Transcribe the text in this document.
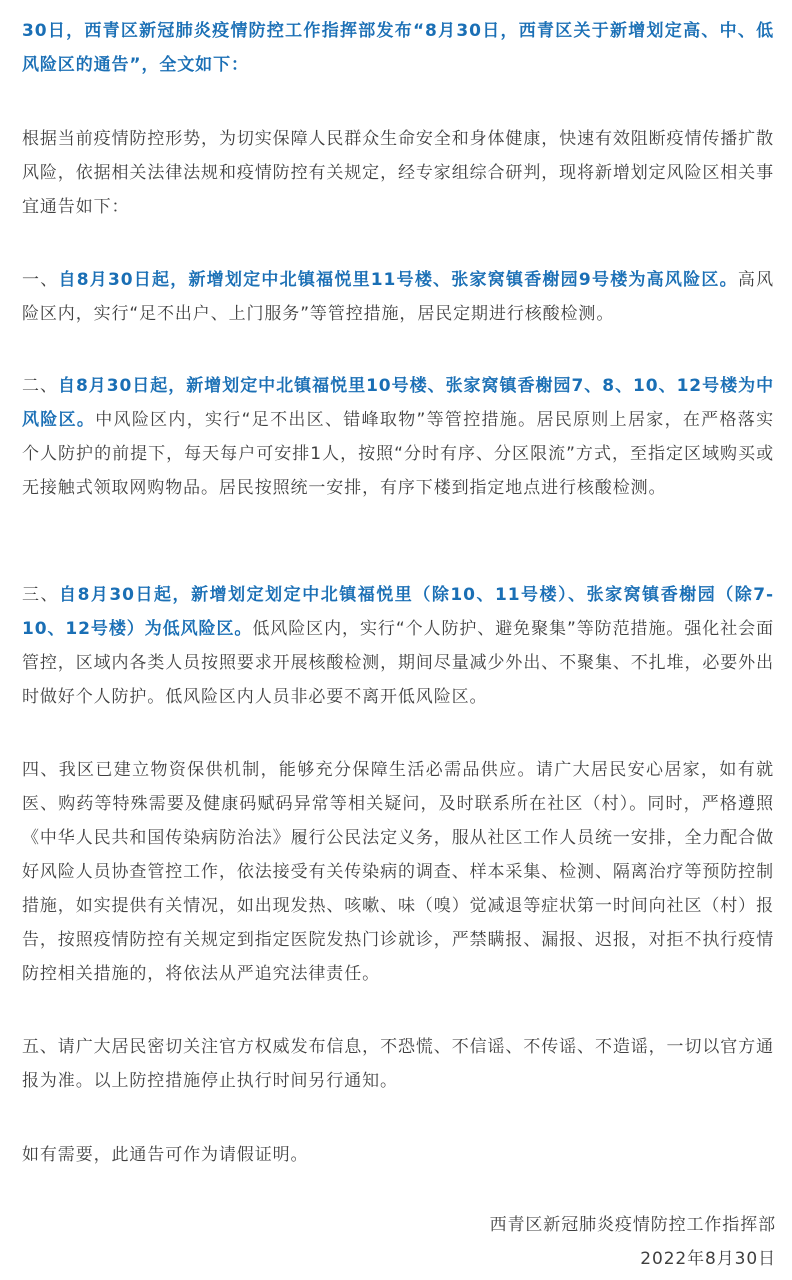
30日，西青区新冠肺炎疫情防控工作指挥部发布“8月30日，西青区关于新增划定高、中、低风险区的通告”，全文如下：

根据当前疫情防控形势，为切实保障人民群众生命安全和身体健康，快速有效阻断疫情传播扩散风险，依据相关法律法规和疫情防控有关规定，经专家组综合研判，现将新增划定风险区相关事宜通告如下：

一、自8月30日起，新增划定中北镇福悦里11号楼、张家窝镇香榭园9号楼为高风险区。高风险区内，实行“足不出户、上门服务”等管控措施，居民定期进行核酸检测。

二、自8月30日起，新增划定中北镇福悦里10号楼、张家窝镇香榭园7、8、10、12号楼为中风险区。中风险区内，实行“足不出区、错峰取物”等管控措施。居民原则上居家，在严格落实个人防护的前提下，每天每户可安排1人，按照“分时有序、分区限流”方式，至指定区域购买或无接触式领取网购物品。居民按照统一安排，有序下楼到指定地点进行核酸检测。

三、自8月30日起，新增划定划定中北镇福悦里（除10、11号楼）、张家窝镇香榭园（除7-10、12号楼）为低风险区。低风险区内，实行“个人防护、避免聚集”等防范措施。强化社会面管控，区域内各类人员按照要求开展核酸检测，期间尽量减少外出、不聚集、不扎堆，必要外出时做好个人防护。低风险区内人员非必要不离开低风险区。

四、我区已建立物资保供机制，能够充分保障生活必需品供应。请广大居民安心居家，如有就医、购药等特殊需要及健康码赋码异常等相关疑问，及时联系所在社区（村）。同时，严格遵照《中华人民共和国传染病防治法》履行公民法定义务，服从社区工作人员统一安排，全力配合做好风险人员协查管控工作，依法接受有关传染病的调查、样本采集、检测、隔离治疗等预防控制措施，如实提供有关情况，如出现发热、咳嗽、味（嗅）觉减退等症状第一时间向社区（村）报告，按照疫情防控有关规定到指定医院发热门诊就诊，严禁瞒报、漏报、迟报，对拒不执行疫情防控相关措施的，将依法从严追究法律责任。

五、请广大居民密切关注官方权威发布信息，不恐慌、不信谣、不传谣、不造谣，一切以官方通报为准。以上防控措施停止执行时间另行通知。

如有需要，此通告可作为请假证明。

西青区新冠肺炎疫情防控工作指挥部
2022年8月30日
